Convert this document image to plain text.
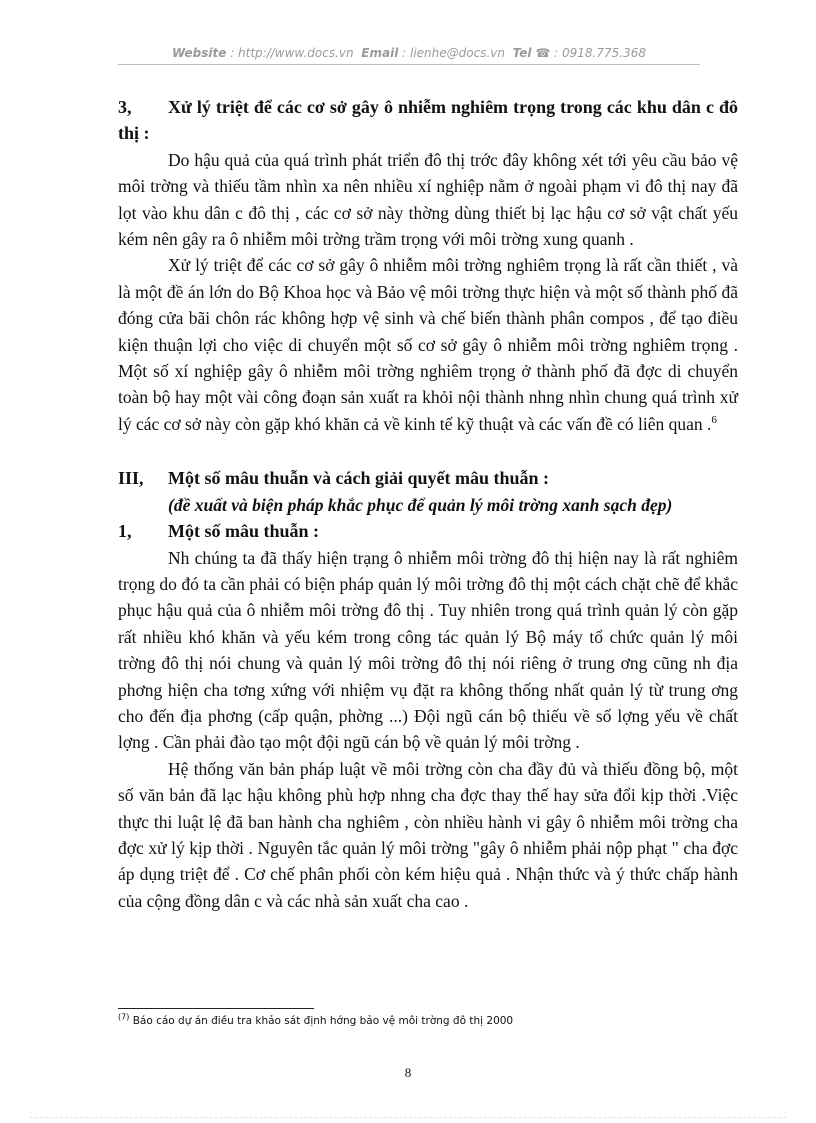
Website : http://www.docs.vn Email : lienhe@docs.vn Tel ☎ : 0918.775.368
3, Xử lý triệt để các cơ sở gây ô nhiễm nghiêm trọng trong các khu dân c đô thị :

Do hậu quả của quá trình phát triển đô thị trớc đây không xét tới yêu cầu bảo vệ môi trờng và thiếu tầm nhìn xa nên nhiều xí nghiệp nằm ở ngoài phạm vi đô thị nay đã lọt vào khu dân c đô thị , các cơ sở này thờng dùng thiết bị lạc hậu cơ sở vật chất yếu kém nên gây ra ô nhiễm môi trờng trầm trọng với môi trờng xung quanh .

Xử lý triệt để các cơ sở gây ô nhiễm môi trờng nghiêm trọng là rất cần thiết , và là một đề án lớn do Bộ Khoa học và Bảo vệ môi trờng thực hiện và một số thành phố đã đóng cửa bãi chôn rác không hợp vệ sinh và chế biến thành phân compos , để tạo điều kiện thuận lợi cho việc di chuyển một số cơ sở gây ô nhiễm môi trờng nghiêm trọng . Một số xí nghiệp gây ô nhiễm môi trờng nghiêm trọng ở thành phố đã đợc di chuyển toàn bộ hay một vài công đoạn sản xuất ra khỏi nội thành nhng nhìn chung quá trình xử lý các cơ sở này còn gặp khó khăn cả về kinh tế kỹ thuật và các vấn đề có liên quan .$^6$

III, Một số mâu thuẫn và cách giải quyết mâu thuẫn :

(đề xuất và biện pháp khắc phục để quản lý môi trờng xanh sạch đẹp)

1, Một số mâu thuẫn :

Nh chúng ta đã thấy hiện trạng ô nhiễm môi trờng đô thị hiện nay là rất nghiêm trọng do đó ta cần phải có biện pháp quản lý môi trờng đô thị một cách chặt chẽ để khắc phục hậu quả của ô nhiễm môi trờng đô thị . Tuy nhiên trong quá trình quản lý còn gặp rất nhiều khó khăn và yếu kém trong công tác quản lý Bộ máy tổ chức quản lý môi trờng đô thị nói chung và quản lý môi trờng đô thị nói riêng ở trung ơng cũng nh địa phơng hiện cha tơng xứng với nhiệm vụ đặt ra không thống nhất quản lý từ trung ơng cho đến địa phơng (cấp quận, phờng ...) Đội ngũ cán bộ thiếu về số lợng yếu về chất lợng . Cần phải đào tạo một đội ngũ cán bộ về quản lý môi trờng .

Hệ thống văn bản pháp luật về môi trờng còn cha đầy đủ và thiếu đồng bộ, một số văn bản đã lạc hậu không phù hợp nhng cha đợc thay thế hay sửa đổi kịp thời .Việc thực thi luật lệ đã ban hành cha nghiêm , còn nhiều hành vi gây ô nhiễm môi trờng cha đợc xử lý kịp thời . Nguyên tắc quản lý môi trờng "gây ô nhiễm phải nộp phạt " cha đợc áp dụng triệt để . Cơ chế phân phối còn kém hiệu quả . Nhận thức và ý thức chấp hành của cộng đồng dân c và các nhà sản xuất cha cao .

$^{(7)}$ Báo cáo dự án điều tra khảo sát định hớng bảo vệ môi trờng đô thị 2000
8
